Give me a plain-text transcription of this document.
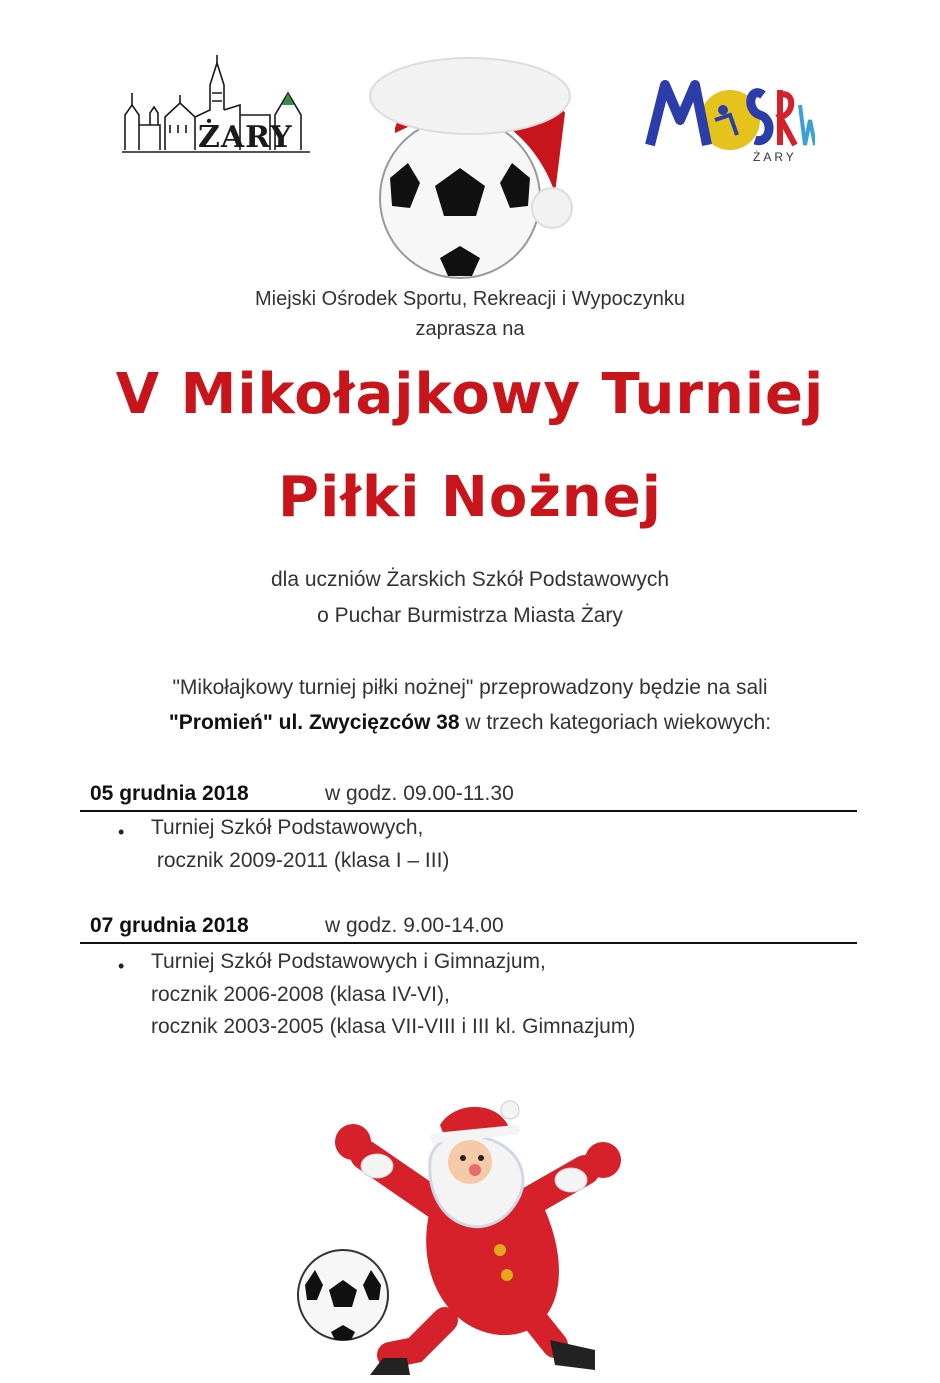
ŻARY
ŻARY
Miejski Ośrodek Sportu, Rekreacji i Wypoczynku
zaprasza na
V Mikołajkowy Turniej
Piłki Nożnej
dla uczniów Żarskich Szkół Podstawowych
o Puchar Burmistrza Miasta Żary
"Mikołajkowy turniej piłki nożnej" przeprowadzony będzie na sali
"Promień" ul. Zwycięzców 38 w trzech kategoriach wiekowych:
05 grudnia 2018	w godz. 09.00-11.30
• Turniej Szkół Podstawowych,
rocznik 2009-2011 (klasa I – III)
07 grudnia 2018	w godz. 9.00-14.00
• Turniej Szkół Podstawowych i Gimnazjum,
rocznik 2006-2008 (klasa IV-VI),
rocznik 2003-2005 (klasa VII-VIII i III kl. Gimnazjum)
